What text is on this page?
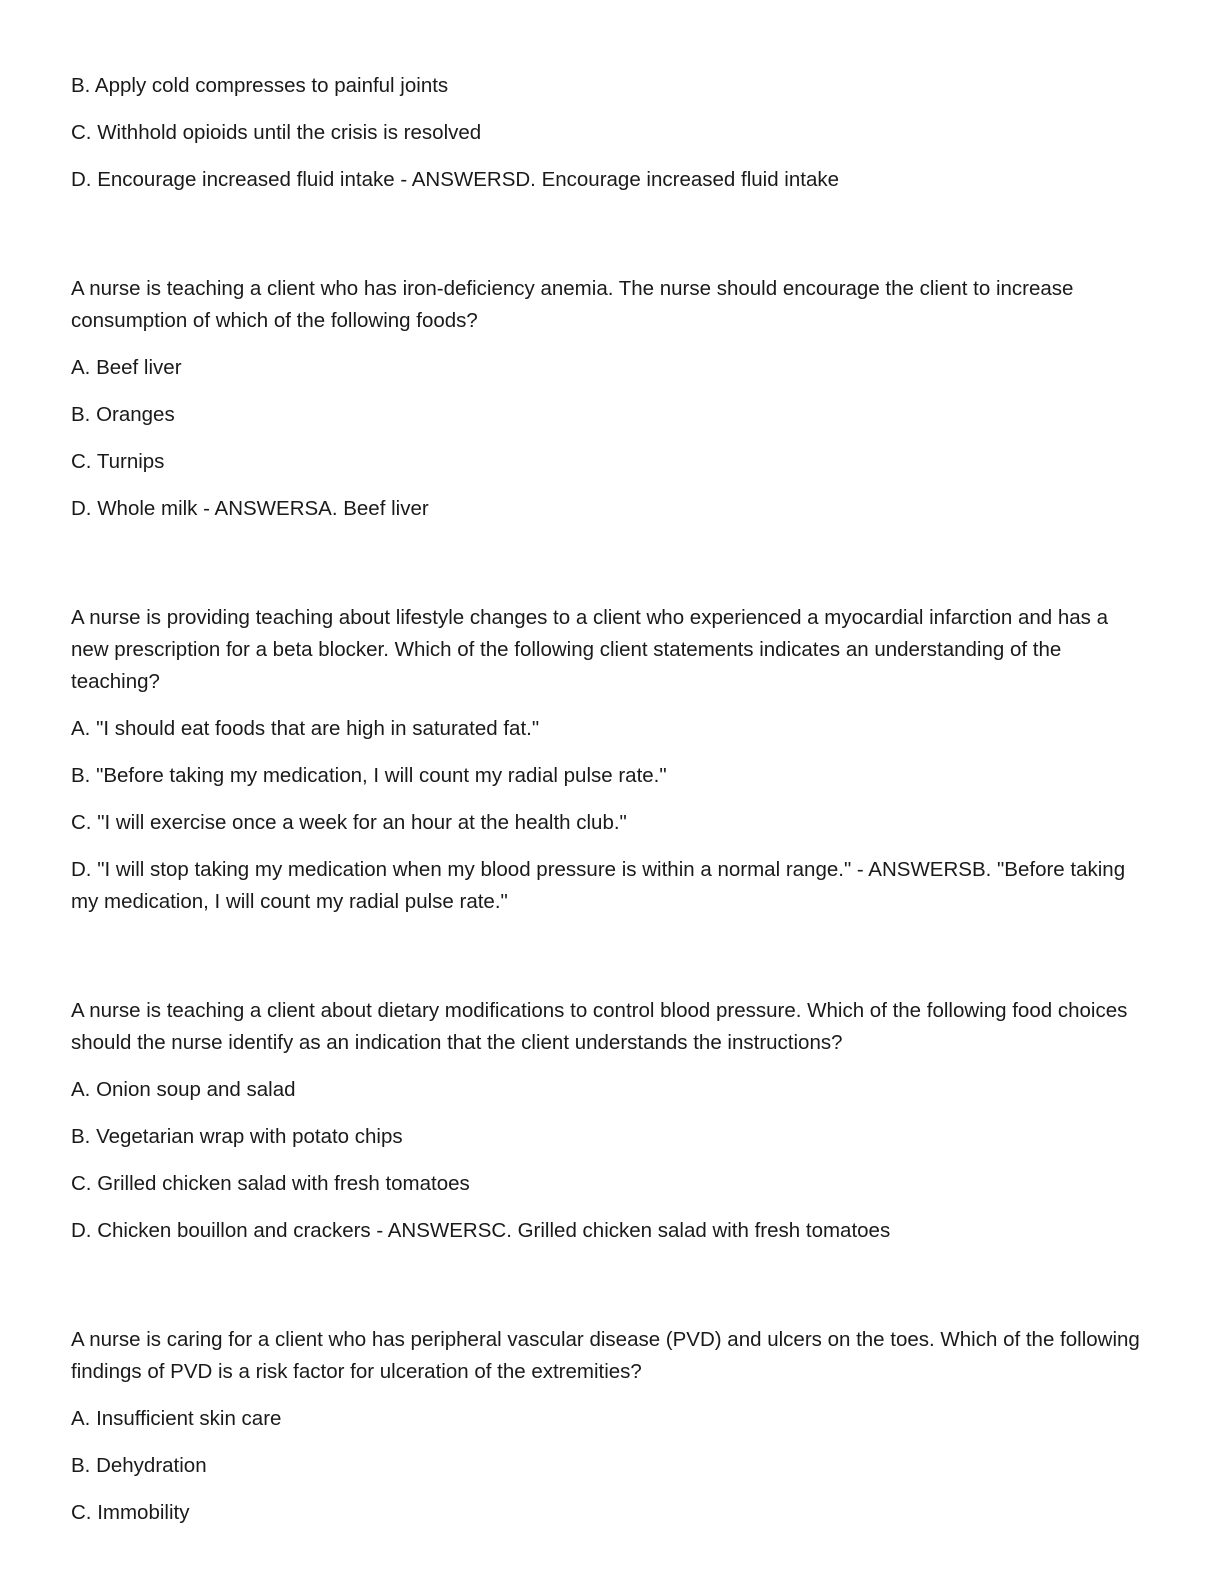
B. Apply cold compresses to painful joints

C. Withhold opioids until the crisis is resolved

D. Encourage increased fluid intake - ANSWERSD. Encourage increased fluid intake

A nurse is teaching a client who has iron-deficiency anemia. The nurse should encourage the client to increase consumption of which of the following foods?

A. Beef liver

B. Oranges

C. Turnips

D. Whole milk - ANSWERSA. Beef liver

A nurse is providing teaching about lifestyle changes to a client who experienced a myocardial infarction and has a new prescription for a beta blocker. Which of the following client statements indicates an understanding of the teaching?

A. "I should eat foods that are high in saturated fat."

B. "Before taking my medication, I will count my radial pulse rate."

C. "I will exercise once a week for an hour at the health club."

D. "I will stop taking my medication when my blood pressure is within a normal range." - ANSWERSB. "Before taking my medication, I will count my radial pulse rate."

A nurse is teaching a client about dietary modifications to control blood pressure. Which of the following food choices should the nurse identify as an indication that the client understands the instructions?

A. Onion soup and salad

B. Vegetarian wrap with potato chips

C. Grilled chicken salad with fresh tomatoes

D. Chicken bouillon and crackers - ANSWERSC. Grilled chicken salad with fresh tomatoes

A nurse is caring for a client who has peripheral vascular disease (PVD) and ulcers on the toes. Which of the following findings of PVD is a risk factor for ulceration of the extremities?

A. Insufficient skin care

B. Dehydration

C. Immobility
